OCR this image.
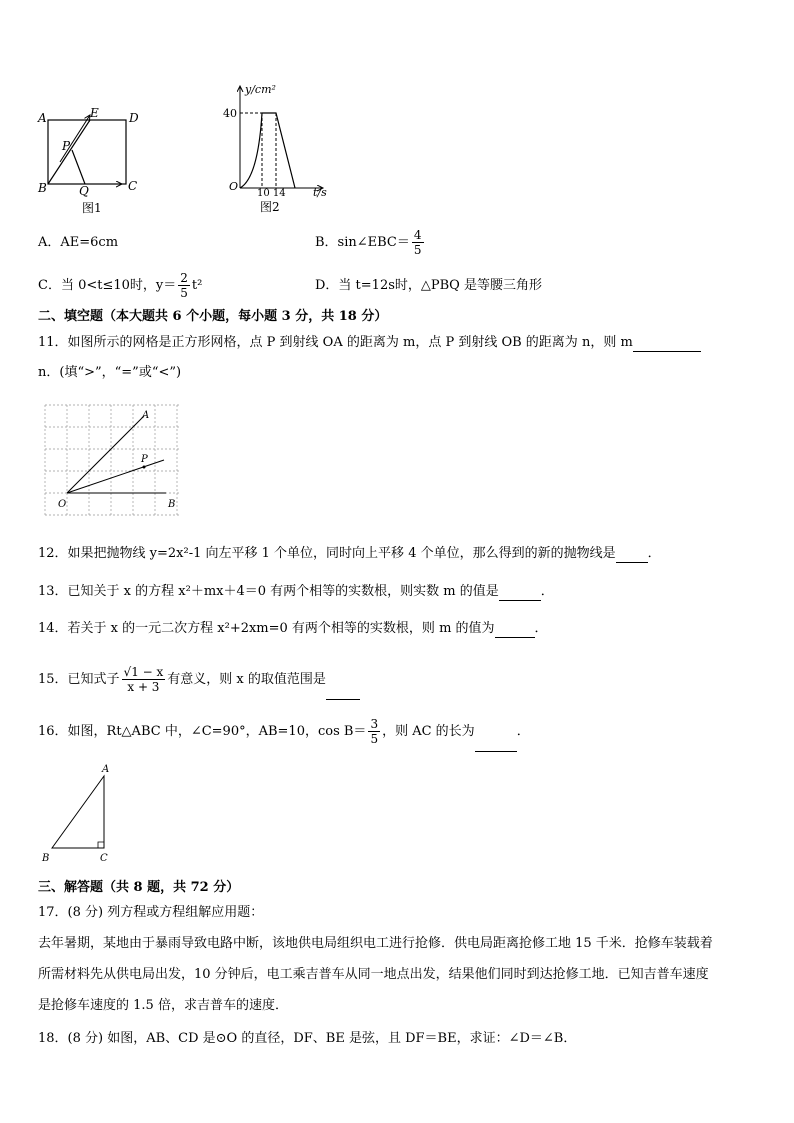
A	E	D
P
B	Q	C
图1
y/cm²
40
O
10 14 t/s
图2
A．AE=6cm	B．sin∠EBC＝ $\frac{4}{5}$
C．当 0<t≤10时，$y= \frac{2}{5} t^2$	D．当 t=12s时，△PBQ 是等腰三角形
二、填空题（本大题共 6 个小题，每小题 3 分，共 18 分）
11．如图所示的网格是正方形网格，点 P 到射线 OA 的距离为 m，点 P 到射线 OB 的距离为 n，则 m
n．(填“>”，“=”或“<”)
A
P
O	B
12．如果把抛物线 y=2x²-1 向左平移 1 个单位，同时向上平移 4 个单位，那么得到的新的抛物线是 ．
13．已知关于 x 的方程 x²＋mx＋4＝0 有两个相等的实数根，则实数 m 的值是	．
14．若关于 x 的一元二次方程 x²+2xm=0 有两个相等的实数根，则 m 的值为	．
15．已知式子 $\frac{√1 - x}{x + 3}$ 有意义，则 x 的取值范围是
16．如图，Rt△ABC 中，∠C=90°，AB=10，$\cos B= \frac{3}{5}$ ，则 AC 的长为	．
A
B	C
三、解答题（共 8 题，共 72 分）
17．(8 分) 列方程或方程组解应用题：
去年暑期，某地由于暴雨导致电路中断，该地供电局组织电工进行抢修．供电局距离抢修工地 15 千米．抢修车装载着
所需材料先从供电局出发，10 分钟后，电工乘吉普车从同一地点出发，结果他们同时到达抢修工地．已知吉普车速度
是抢修车速度的 1.5 倍，求吉普车的速度．
18．(8 分) 如图，AB、CD 是⊙O 的直径，DF、BE 是弦，且 DF＝BE，求证：∠D＝∠B．
